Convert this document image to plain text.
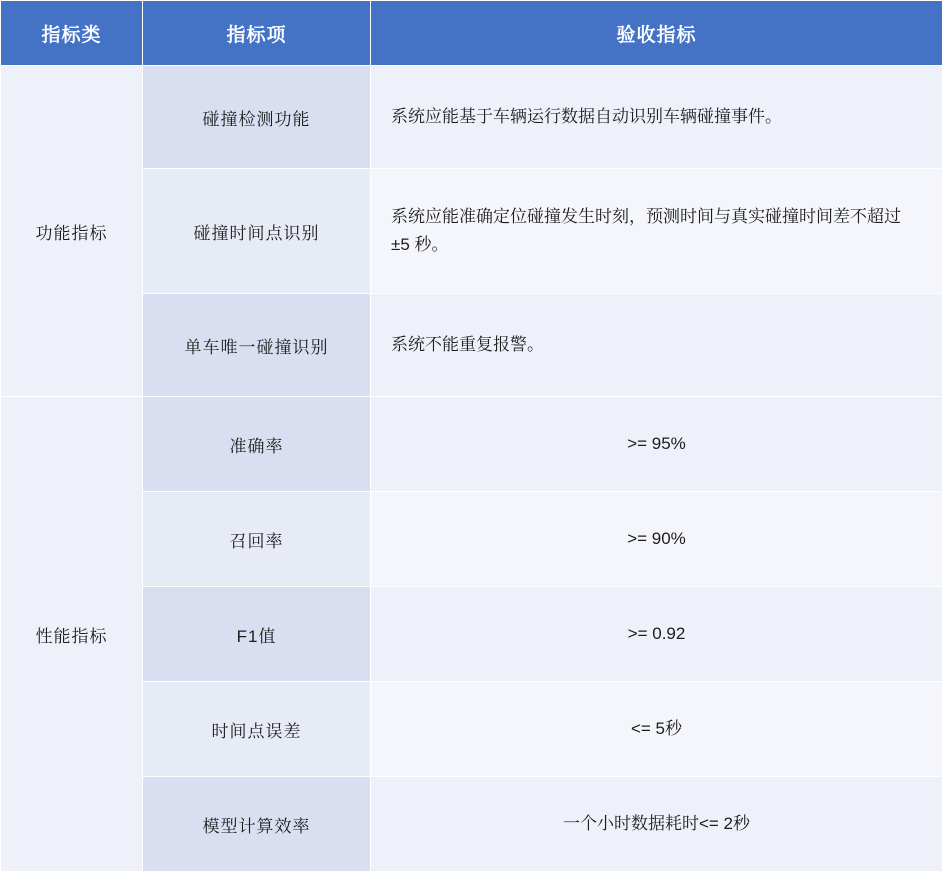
指标类	指标项	验收指标
功能指标	碰撞检测功能	系统应能基于车辆运行数据自动识别车辆碰撞事件。
	碰撞时间点识别	系统应能准确定位碰撞发生时刻，预测时间与真实碰撞时间差不超过 ±5 秒。
	单车唯一碰撞识别	系统不能重复报警。
性能指标	准确率	>= 95%
	召回率	>= 90%
	F1值	>= 0.92
	时间点误差	<= 5秒
	模型计算效率	一个小时数据耗时<= 2秒
